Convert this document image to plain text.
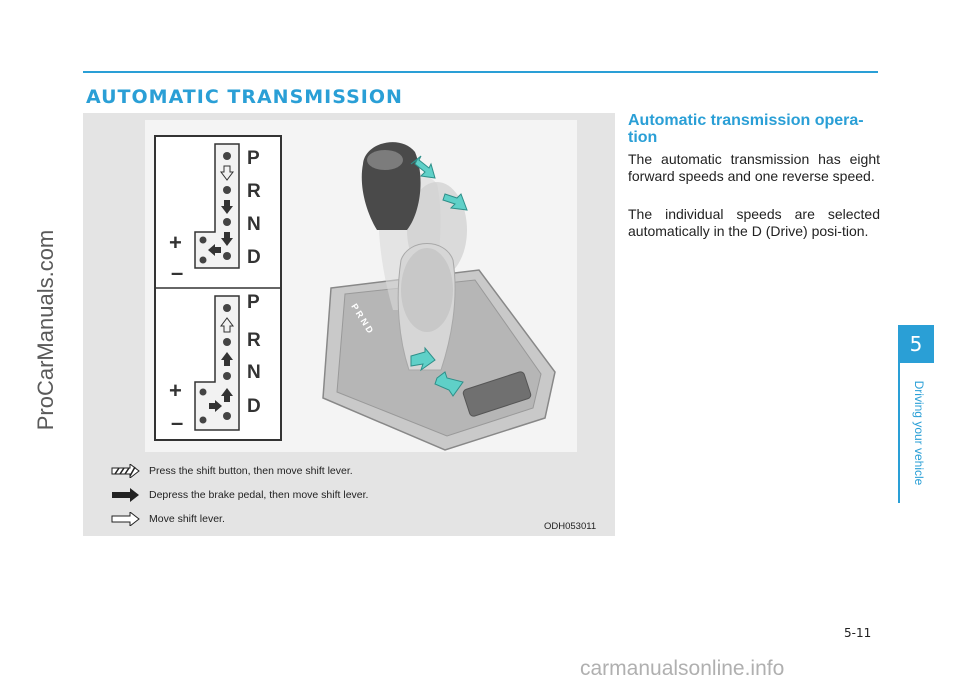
AUTOMATIC TRANSMISSION
P
R
N
D
+
–
P
R
N
D
+
–
P R N D
Press the shift button, then move shift lever.
Depress the brake pedal, then move shift lever.
Move shift lever.
ODH053011
Automatic transmission opera-tion

The automatic transmission has eight forward speeds and one reverse speed.

The individual speeds are selected automatically in the D (Drive) posi-tion.

5
Driving your vehicle
ProCarManuals.com
5-11
carmanualsonline.info
